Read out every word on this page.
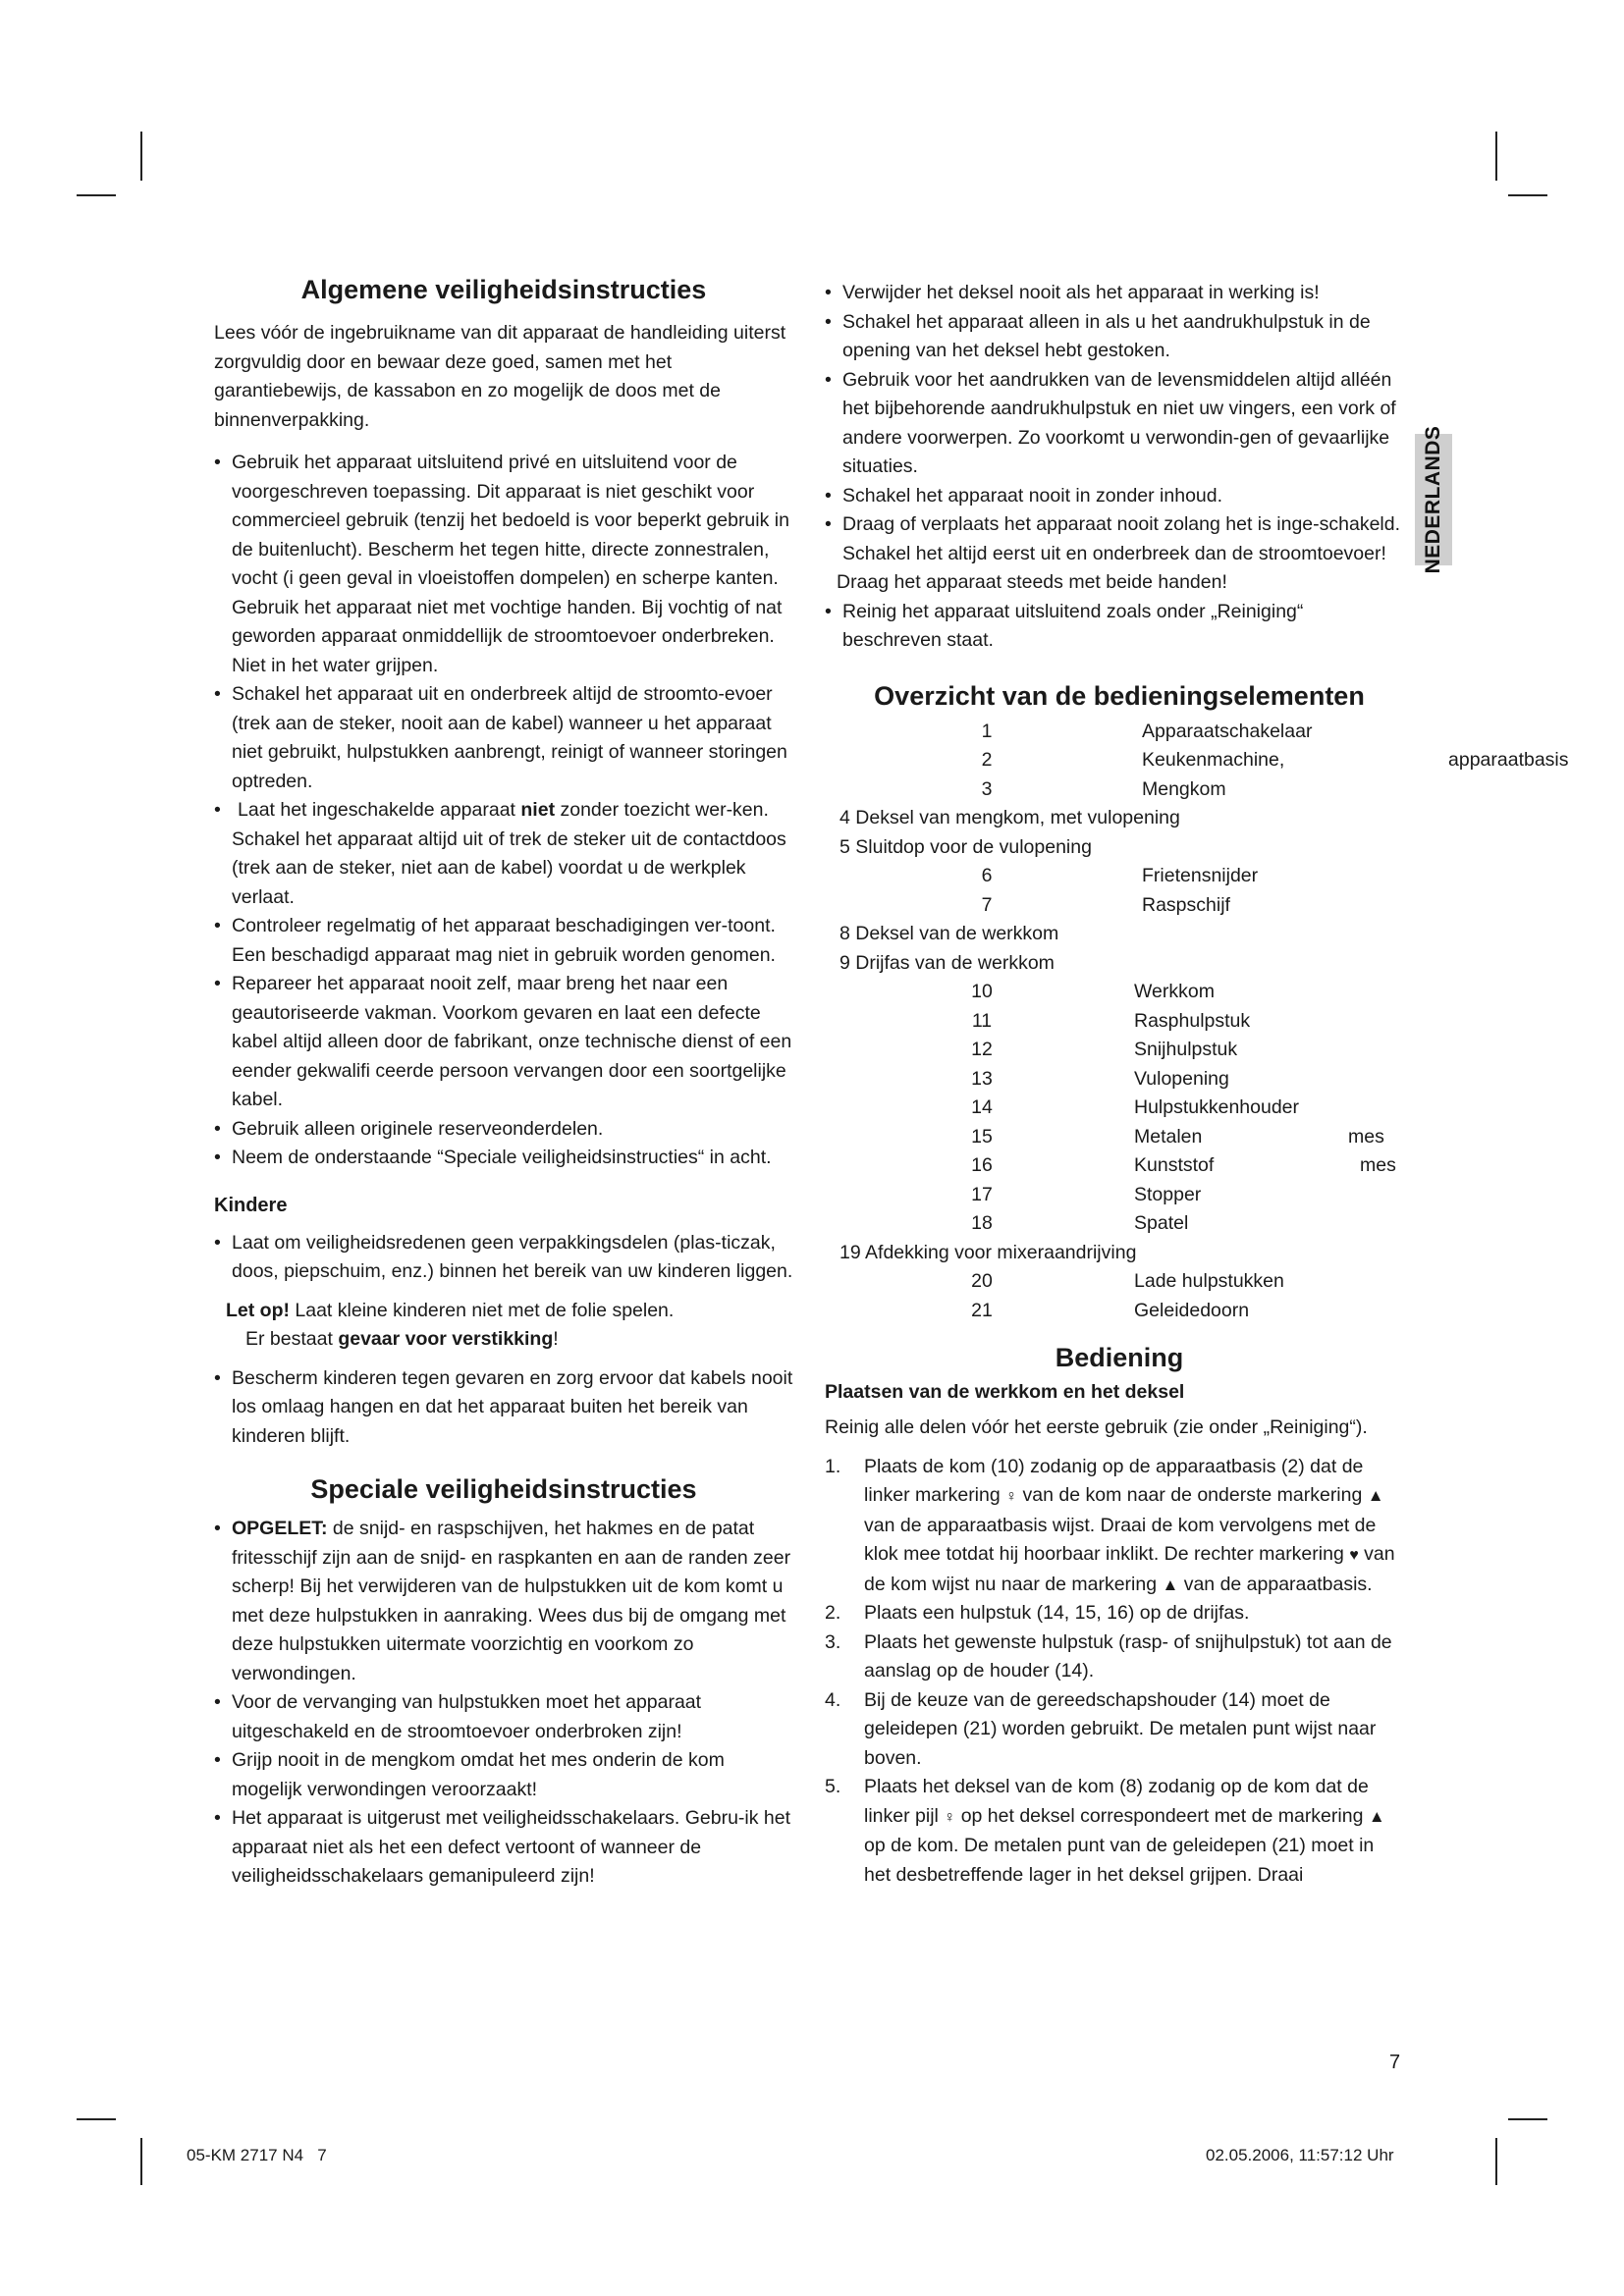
NEDERLANDS
Algemene veiligheidsinstructies

Lees vóór de ingebruikname van dit apparaat de handleiding uiterst zorgvuldig door en bewaar deze goed, samen met het garantiebewijs, de kassabon en zo mogelijk de doos met de binnenverpakking.

• Gebruik het apparaat uitsluitend privé en uitsluitend voor de voorgeschreven toepassing. Dit apparaat is niet geschikt voor commercieel gebruik (tenzij het bedoeld is voor beperkt gebruik in de buitenlucht). Bescherm het tegen hitte, directe zonnestralen, vocht (i geen geval in vloeistoffen dompelen) en scherpe kanten. Gebruik het apparaat niet met vochtige handen. Bij vochtig of nat geworden apparaat onmiddellijk de stroomtoevoer onderbreken. Niet in het water grijpen.
• Schakel het apparaat uit en onderbreek altijd de stroomto-evoer (trek aan de steker, nooit aan de kabel) wanneer u het apparaat niet gebruikt, hulpstukken aanbrengt, reinigt of wanneer storingen optreden.
• Laat het ingeschakelde apparaat niet zonder toezicht wer-ken. Schakel het apparaat altijd uit of trek de steker uit de contactdoos (trek aan de steker, niet aan de kabel) voordat u de werkplek verlaat.
• Controleer regelmatig of het apparaat beschadigingen ver-toont. Een beschadigd apparaat mag niet in gebruik worden genomen.
• Repareer het apparaat nooit zelf, maar breng het naar een geautoriseerde vakman. Voorkom gevaren en laat een defecte kabel altijd alleen door de fabrikant, onze technische dienst of een eender gekwalifi ceerde persoon vervangen door een soortgelijke kabel.
• Gebruik alleen originele reserveonderdelen.
• Neem de onderstaande “Speciale veiligheidsinstructies“ in acht.
Kindere
• Laat om veiligheidsredenen geen verpakkingsdelen (plas-ticzak, doos, piepschuim, enz.) binnen het bereik van uw kinderen liggen.

Let op! Laat kleine kinderen niet met de folie spelen.

Er bestaat gevaar voor verstikking!

• Bescherm kinderen tegen gevaren en zorg ervoor dat kabels nooit los omlaag hangen en dat het apparaat buiten het bereik van kinderen blijft.
Speciale veiligheidsinstructies
• OPGELET: de snijd- en raspschijven, het hakmes en de patat fritesschijf zijn aan de snijd- en raspkanten en aan de randen zeer scherp! Bij het verwijderen van de hulpstukken uit de kom komt u met deze hulpstukken in aanraking. Wees dus bij de omgang met deze hulpstukken uitermate voorzichtig en voorkom zo verwondingen.
• Voor de vervanging van hulpstukken moet het apparaat uitgeschakeld en de stroomtoevoer onderbroken zijn!
• Grijp nooit in de mengkom omdat het mes onderin de kom mogelijk verwondingen veroorzaakt!
• Het apparaat is uitgerust met veiligheidsschakelaars. Gebru-ik het apparaat niet als het een defect vertoont of wanneer de veiligheidsschakelaars gemanipuleerd zijn!
• Verwijder het deksel nooit als het apparaat in werking is!
• Schakel het apparaat alleen in als u het aandrukhulpstuk in de opening van het deksel hebt gestoken.
• Gebruik voor het aandrukken van de levensmiddelen altijd alléén het bijbehorende aandrukhulpstuk en niet uw vingers, een vork of andere voorwerpen. Zo voorkomt u verwondin-gen of gevaarlijke situaties.
• Schakel het apparaat nooit in zonder inhoud.
• Draag of verplaats het apparaat nooit zolang het is inge-schakeld. Schakel het altijd eerst uit en onderbreek dan de stroomtoevoer!

Draag het apparaat steeds met beide handen!

• Reinig het apparaat uitsluitend zoals onder „Reiniging“ beschreven staat.
Overzicht van de bedieningselementen
1	Apparaatschakelaar
2	Keukenmachine,	apparaatbasis
3	Mengkom
4 Deksel van mengkom, met vulopening
5 Sluitdop voor de vulopening
6	Frietensnijder
7	Raspschijf
8 Deksel van de werkkom
9 Drijfas van de werkkom
10	Werkkom
11	Rasphulpstuk
12	Snijhulpstuk
13	Vulopening
14	Hulpstukkenhouder
15	Metalen	mes
16	Kunststof	mes
17	Stopper
18	Spatel
19 Afdekking voor mixeraandrijving
20	Lade hulpstukken
21	Geleidedoorn
Bediening
Plaatsen van de werkkom en het deksel

Reinig alle delen vóór het eerste gebruik (zie onder „Reiniging“).

1. Plaats de kom (10) zodanig op de apparaatbasis (2) dat de linker markering ♀ van de kom naar de onderste markering ▲ van de apparaatbasis wijst. Draai de kom vervolgens met de klok mee totdat hij hoorbaar inklikt. De rechter markering ♥ van de kom wijst nu naar de markering ▲ van de apparaatbasis.
2. Plaats een hulpstuk (14, 15, 16) op de drijfas.
3. Plaats het gewenste hulpstuk (rasp- of snijhulpstuk) tot aan de aanslag op de houder (14).
4. Bij de keuze van de gereedschapshouder (14) moet de geleidepen (21) worden gebruikt. De metalen punt wijst naar boven.
5. Plaats het deksel van de kom (8) zodanig op de kom dat de linker pijl ♀ op het deksel correspondeert met de markering ▲ op de kom. De metalen punt van de geleidepen (21) moet in het desbetreffende lager in het deksel grijpen. Draai
7
05-KM 2717 N4   7	02.05.2006, 11:57:12 Uhr
